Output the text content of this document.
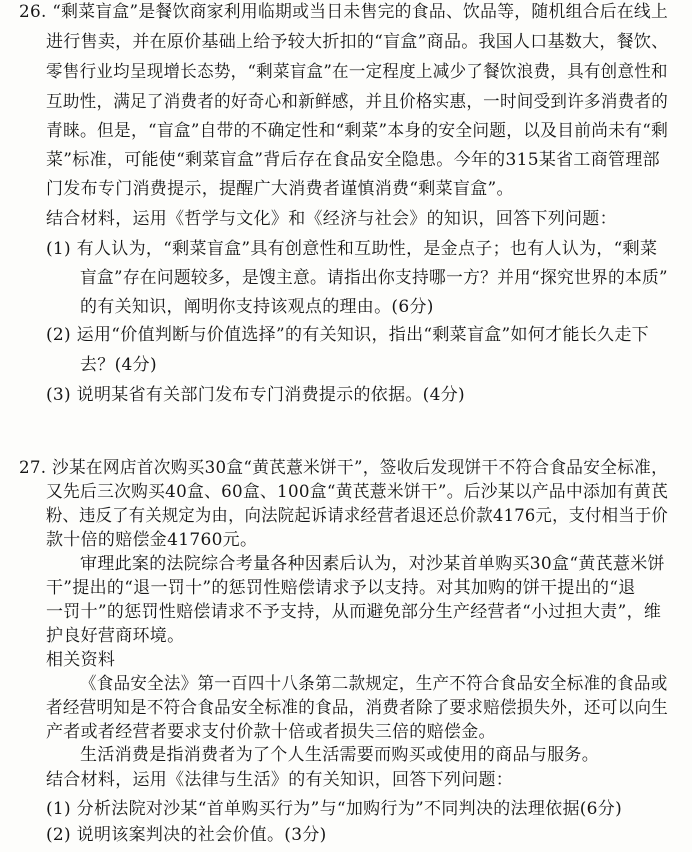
26. “剩菜盲盒”是餐饮商家利用临期或当日未售完的食品、饮品等，随机组合后在线上
进行售卖，并在原价基础上给予较大折扣的“盲盒”商品。我国人口基数大，餐饮、
零售行业均呈现增长态势，“剩菜盲盒”在一定程度上减少了餐饮浪费，具有创意性和
互助性，满足了消费者的好奇心和新鲜感，并且价格实惠，一时间受到许多消费者的
青睐。但是，“盲盒”自带的不确定性和“剩菜”本身的安全问题，以及目前尚未有“剩
菜”标准，可能使“剩菜盲盒”背后存在食品安全隐患。今年的315某省工商管理部
门发布专门消费提示，提醒广大消费者谨慎消费“剩菜盲盒”。
结合材料，运用《哲学与文化》和《经济与社会》的知识，回答下列问题：
(1) 有人认为，“剩菜盲盒”具有创意性和互助性，是金点子；也有人认为，“剩菜
盲盒”存在问题较多，是馊主意。请指出你支持哪一方？并用“探究世界的本质”
的有关知识，阐明你支持该观点的理由。(6分)
(2) 运用“价值判断与价值选择”的有关知识，指出“剩菜盲盒”如何才能长久走下
去？(4分)
(3) 说明某省有关部门发布专门消费提示的依据。(4分)
27. 沙某在网店首次购买30盒“黄芪薏米饼干”，签收后发现饼干不符合食品安全标准，
又先后三次购买40盒、60盒、100盒“黄芪薏米饼干”。后沙某以产品中添加有黄芪
粉、违反了有关规定为由，向法院起诉请求经营者退还总价款4176元，支付相当于价
款十倍的赔偿金41760元。
审理此案的法院综合考量各种因素后认为，对沙某首单购买30盒“黄芪薏米饼
干”提出的“退一罚十”的惩罚性赔偿请求予以支持。对其加购的饼干提出的“退
一罚十”的惩罚性赔偿请求不予支持，从而避免部分生产经营者“小过担大责”，维
护良好营商环境。
相关资料
《食品安全法》第一百四十八条第二款规定，生产不符合食品安全标准的食品或
者经营明知是不符合食品安全标准的食品，消费者除了要求赔偿损失外，还可以向生
产者或者经营者要求支付价款十倍或者损失三倍的赔偿金。
生活消费是指消费者为了个人生活需要而购买或使用的商品与服务。
结合材料，运用《法律与生活》的有关知识，回答下列问题：
(1) 分析法院对沙某“首单购买行为”与“加购行为”不同判决的法理依据(6分)
(2) 说明该案判决的社会价值。(3分)
